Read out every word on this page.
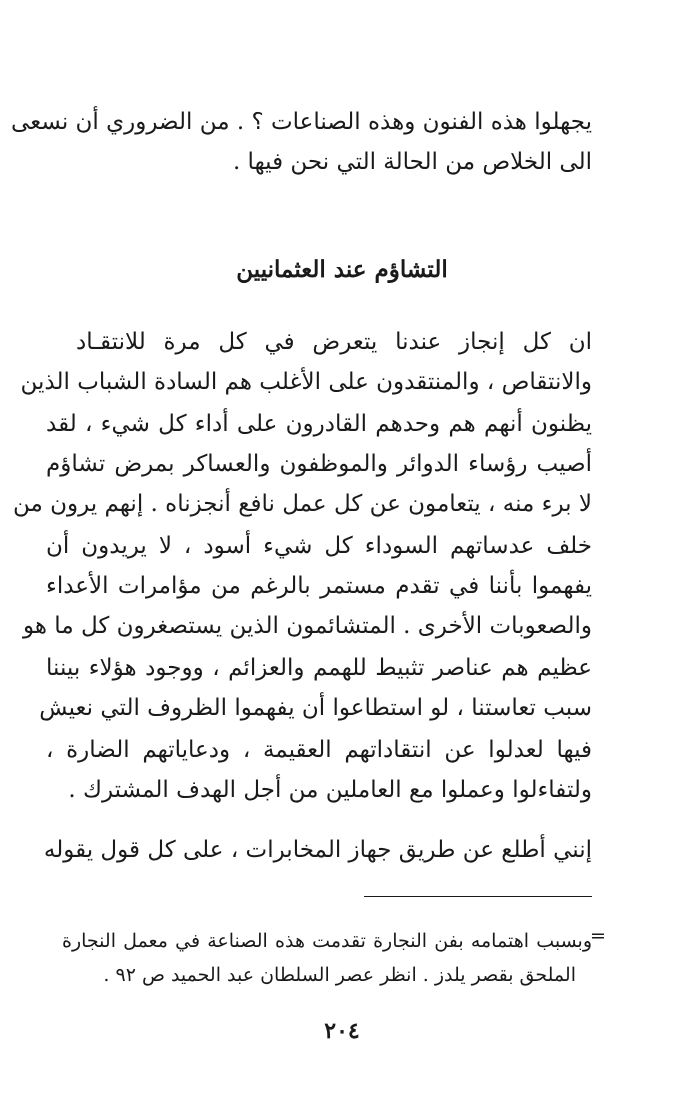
يجهلوا هذه الفنون وهذه الصناعات ؟ . من الضروري أن نسعى
الى الخلاص من الحالة التي نحن فيها .
التشاؤم عند العثمانيين
ان كل إنجاز عندنا يتعرض في كل مرة للانتقـاد
والانتقاص ، والمنتقدون على الأغلب هم السادة الشباب الذين
يظنون أنهم هم وحدهم القادرون على أداء كل شيء ، لقد
أصيب رؤساء الدوائر والموظفون والعساكر بمرض تشاؤم
لا برء منه ، يتعامون عن كل عمل نافع أنجزناه . إنهم يرون من
خلف عدساتهم السوداء كل شيء أسود ، لا يريدون أن
يفهموا بأننا في تقدم مستمر بالرغم من مؤامرات الأعداء
والصعوبات الأخرى . المتشائمون الذين يستصغرون كل ما هو
عظيم هم عناصر تثبيط للهمم والعزائم ، ووجود هؤلاء بيننا
سبب تعاستنا ، لو استطاعوا أن يفهموا الظروف التي نعيش
فيها لعدلوا عن انتقاداتهم العقيمة ، ودعاياتهم الضارة ،
ولتفاءلوا وعملوا مع العاملين من أجل الهدف المشترك .
إنني أطلع عن طريق جهاز المخابرات ، على كل قول يقوله
=
وبسبب اهتمامه بفن النجارة تقدمت هذه الصناعة في معمل النجارة
الملحق بقصر يلدز . انظر عصر السلطان عبد الحميد ص ٩٢ .
٢٠٤
